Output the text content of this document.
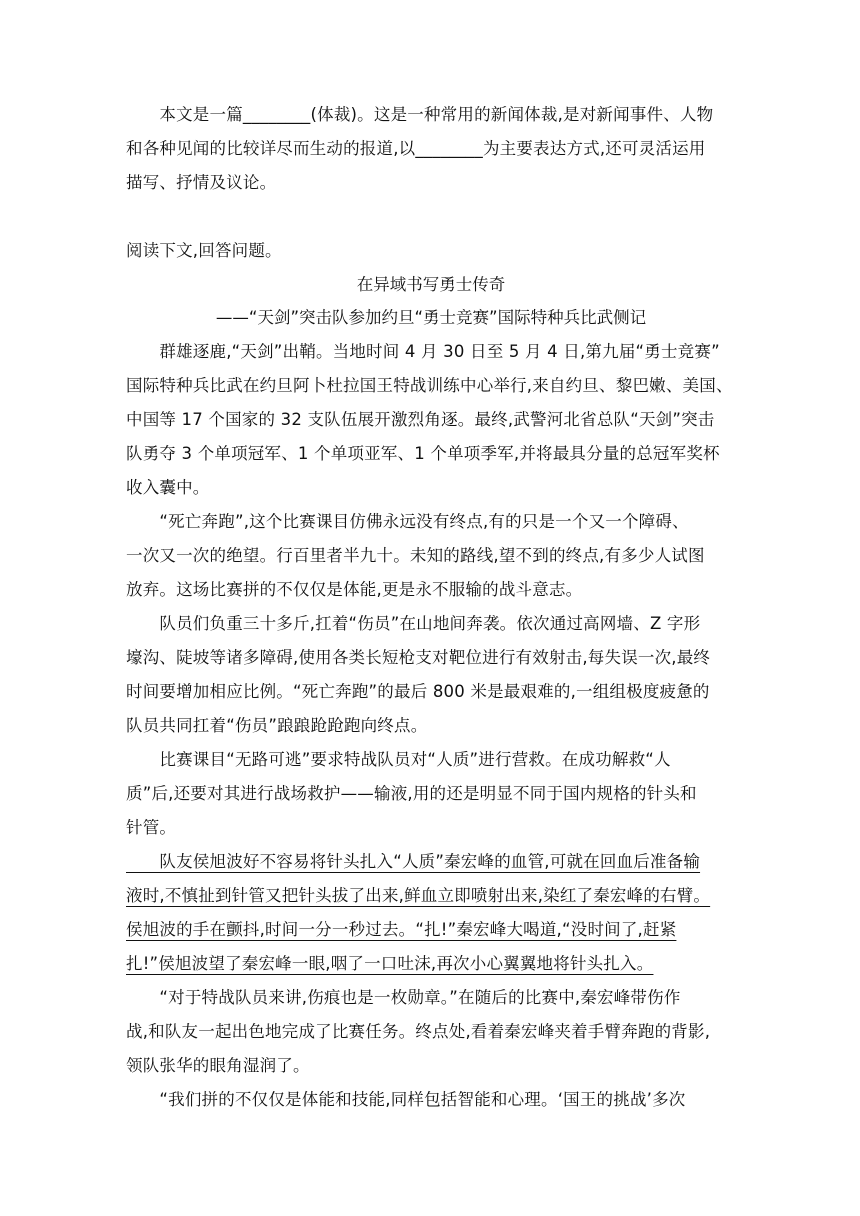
　　本文是一篇________(体裁)。这是一种常用的新闻体裁,是对新闻事件、人物
和各种见闻的比较详尽而生动的报道,以________为主要表达方式,还可灵活运用
描写、抒情及议论。
阅读下文,回答问题。
在异域书写勇士传奇
——“天剑”突击队参加约旦“勇士竞赛”国际特种兵比武侧记
　　群雄逐鹿,“天剑”出鞘。当地时间 4 月 30 日至 5 月 4 日,第九届“勇士竞赛”
国际特种兵比武在约旦阿卜杜拉国王特战训练中心举行,来自约旦、黎巴嫩、美国、
中国等 17 个国家的 32 支队伍展开激烈角逐。最终,武警河北省总队“天剑”突击
队勇夺 3 个单项冠军、1 个单项亚军、1 个单项季军,并将最具分量的总冠军奖杯
收入囊中。
　　“死亡奔跑”,这个比赛课目仿佛永远没有终点,有的只是一个又一个障碍、
一次又一次的绝望。行百里者半九十。未知的路线,望不到的终点,有多少人试图
放弃。这场比赛拼的不仅仅是体能,更是永不服输的战斗意志。
　　队员们负重三十多斤,扛着“伤员”在山地间奔袭。依次通过高网墙、Z 字形
壕沟、陡坡等诸多障碍,使用各类长短枪支对靶位进行有效射击,每失误一次,最终
时间要增加相应比例。“死亡奔跑”的最后 800 米是最艰难的,一组组极度疲惫的
队员共同扛着“伤员”踉踉跄跄跑向终点。
　　比赛课目“无路可逃”要求特战队员对“人质”进行营救。在成功解救“人
质”后,还要对其进行战场救护——输液,用的还是明显不同于国内规格的针头和
针管。
　　队友侯旭波好不容易将针头扎入“人质”秦宏峰的血管,可就在回血后准备输
液时,不慎扯到针管又把针头拔了出来,鲜血立即喷射出来,染红了秦宏峰的右臂。
侯旭波的手在颤抖,时间一分一秒过去。“扎!”秦宏峰大喝道,“没时间了,赶紧
扎!”侯旭波望了秦宏峰一眼,咽了一口吐沫,再次小心翼翼地将针头扎入。
　　“对于特战队员来讲,伤痕也是一枚勋章。”在随后的比赛中,秦宏峰带伤作
战,和队友一起出色地完成了比赛任务。终点处,看着秦宏峰夹着手臂奔跑的背影,
领队张华的眼角湿润了。
　　“我们拼的不仅仅是体能和技能,同样包括智能和心理。‘国王的挑战’多次
